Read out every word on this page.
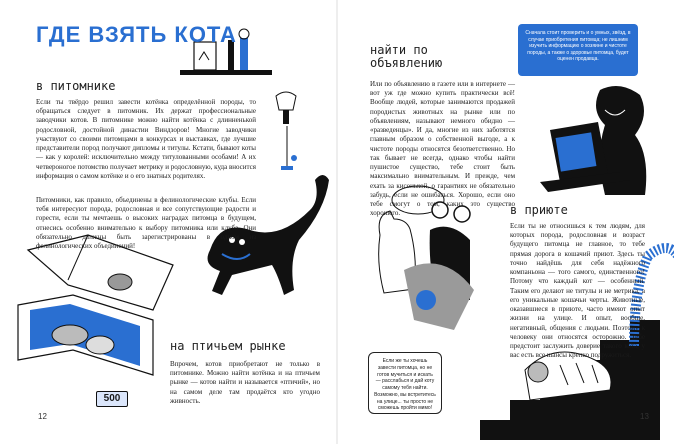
ГДЕ ВЗЯТЬ КОТА
в питомнике

Если ты твёрдо решил завести котёнка определённой породы, то обращаться следует в питомник. Их держат профессиональные заводчики котов. В питомнике можно найти котёнка с длинненькой родословной, достойной династии Виндзоров! Многие заводчики участвуют со своими питомцами в конкурсах и выставках, где лучшие представители пород получают дипломы и титулы. Кстати, бывают коты — как у королей: исключительно между титулованными особами! А их четвероногое потомство получает метрику и родословную, куда вносится информация о самом котёнке и о его знатных родителях.

Питомники, как правило, объединены в фелинологические клубы. Если тебя интересуют порода, родословная и все сопутствующие радости и горести, если ты мечтаешь о высоких наградах питомца в будущем, отнесись особенно внимательно к выбору питомника или клуба. Они обязательно должны быть зарегистрированы в одном из фелинологических объединений!

на птичьем рынке

Впрочем, котов приобретают не только в питомнике. Можно найти котёнка и на птичьем рынке — котов найти и называется «птичий», но на самом деле там продаётся кто угодно живность.

500
12
найти по объявлению

Или по объявлению в газете или в интернете — вот уж где можно купить практически всё! Вообще людей, которые занимаются продажей породистых животных на рынке или по объявлениям, называют немного обидно — «разведенцы». И да, многие из них заботятся главным образом о собственной выгоде, а к чистоте породы относятся безответственно. Но так бывает не всегда, однако чтобы найти пушистое существо, тебе стоит быть максимально внимательным. И прежде, чем ехать за кисонькой, о гарантиях не обязательно забудь, если не ошибаться. Хорошо, если оно тебе смогут о том, каких это существо хорошего.

Сначала стоит проверить и о умных, звёзд, в случае приобретения питомца; не лишним изучить информацию о хозяине и чистоте породы, а также о здоровье питомца, будет оценен продавца.
в приюте

Если ты не относишься к тем людям, для которых порода, родословная и возраст будущего питомца не главное, то тебе прямая дорога в кошачий приют. Здесь ты точно найдёшь для себя надёжного компаньона — того самого, единственного! Потому что каждый кот — особенный. Таким его делают не титулы и не метрика, а его уникальные кошачьи черты. Животные, оказавшиеся в приюте, часто имеют опыт жизни на улице. И опыт, вообще, негативный, общения с людьми. Поэтому к человеку они относятся осторожно. Тебе предстоит заслужить доверие такого кота, у вас есть все шансы крепко подружиться.

Если же ты хочешь завести питомца, но не готов мучиться и искать — расслабься и дай коту самому тебя найти. Возможно, вы встретитесь на улице... ты просто не сможешь пройти мимо!
13
